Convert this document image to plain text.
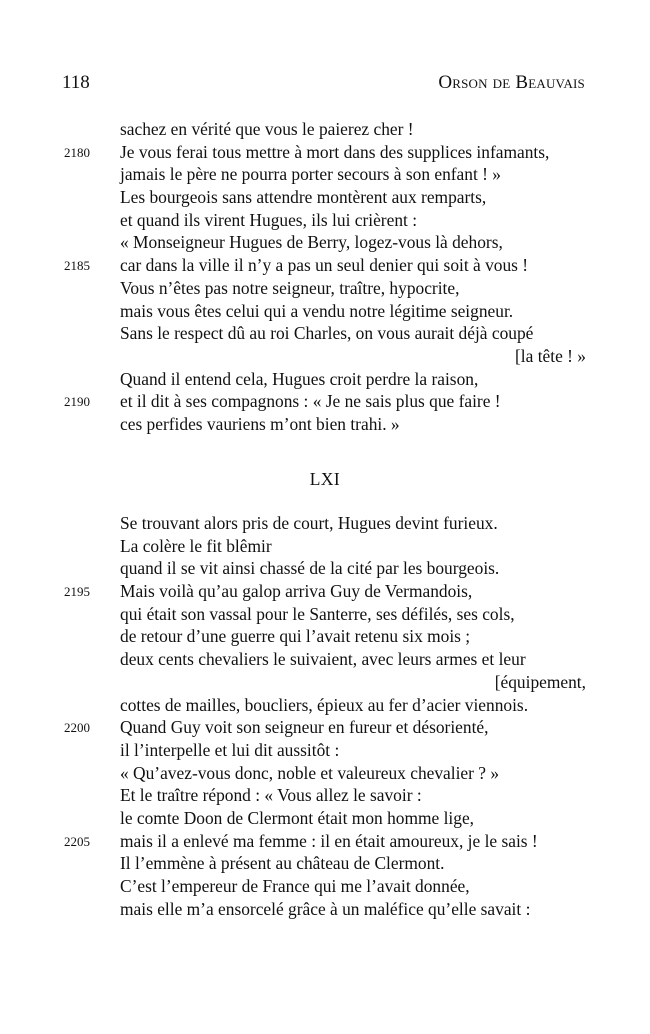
118	Orson de Beauvais
sachez en vérité que vous le paierez cher !
2180 Je vous ferai tous mettre à mort dans des supplices infamants,
jamais le père ne pourra porter secours à son enfant ! »
Les bourgeois sans attendre montèrent aux remparts,
et quand ils virent Hugues, ils lui crièrent :
« Monseigneur Hugues de Berry, logez-vous là dehors,
2185 car dans la ville il n’y a pas un seul denier qui soit à vous !
Vous n’êtes pas notre seigneur, traître, hypocrite,
mais vous êtes celui qui a vendu notre légitime seigneur.
Sans le respect dû au roi Charles, on vous aurait déjà coupé
[la tête ! »
Quand il entend cela, Hugues croit perdre la raison,
2190 et il dit à ses compagnons : « Je ne sais plus que faire !
ces perfides vauriens m’ont bien trahi. »
LXI
Se trouvant alors pris de court, Hugues devint furieux.
La colère le fit blêmir
quand il se vit ainsi chassé de la cité par les bourgeois.
2195 Mais voilà qu’au galop arriva Guy de Vermandois,
qui était son vassal pour le Santerre, ses défilés, ses cols,
de retour d’une guerre qui l’avait retenu six mois ;
deux cents chevaliers le suivaient, avec leurs armes et leur
[équipement,
cottes de mailles, boucliers, épieux au fer d’acier viennois.
2200 Quand Guy voit son seigneur en fureur et désorienté,
il l’interpelle et lui dit aussitôt :
« Qu’avez-vous donc, noble et valeureux chevalier ? »
Et le traître répond : « Vous allez le savoir :
le comte Doon de Clermont était mon homme lige,
2205 mais il a enlevé ma femme : il en était amoureux, je le sais !
Il l’emmène à présent au château de Clermont.
C’est l’empereur de France qui me l’avait donnée,
mais elle m’a ensorcelé grâce à un maléfice qu’elle savait :
